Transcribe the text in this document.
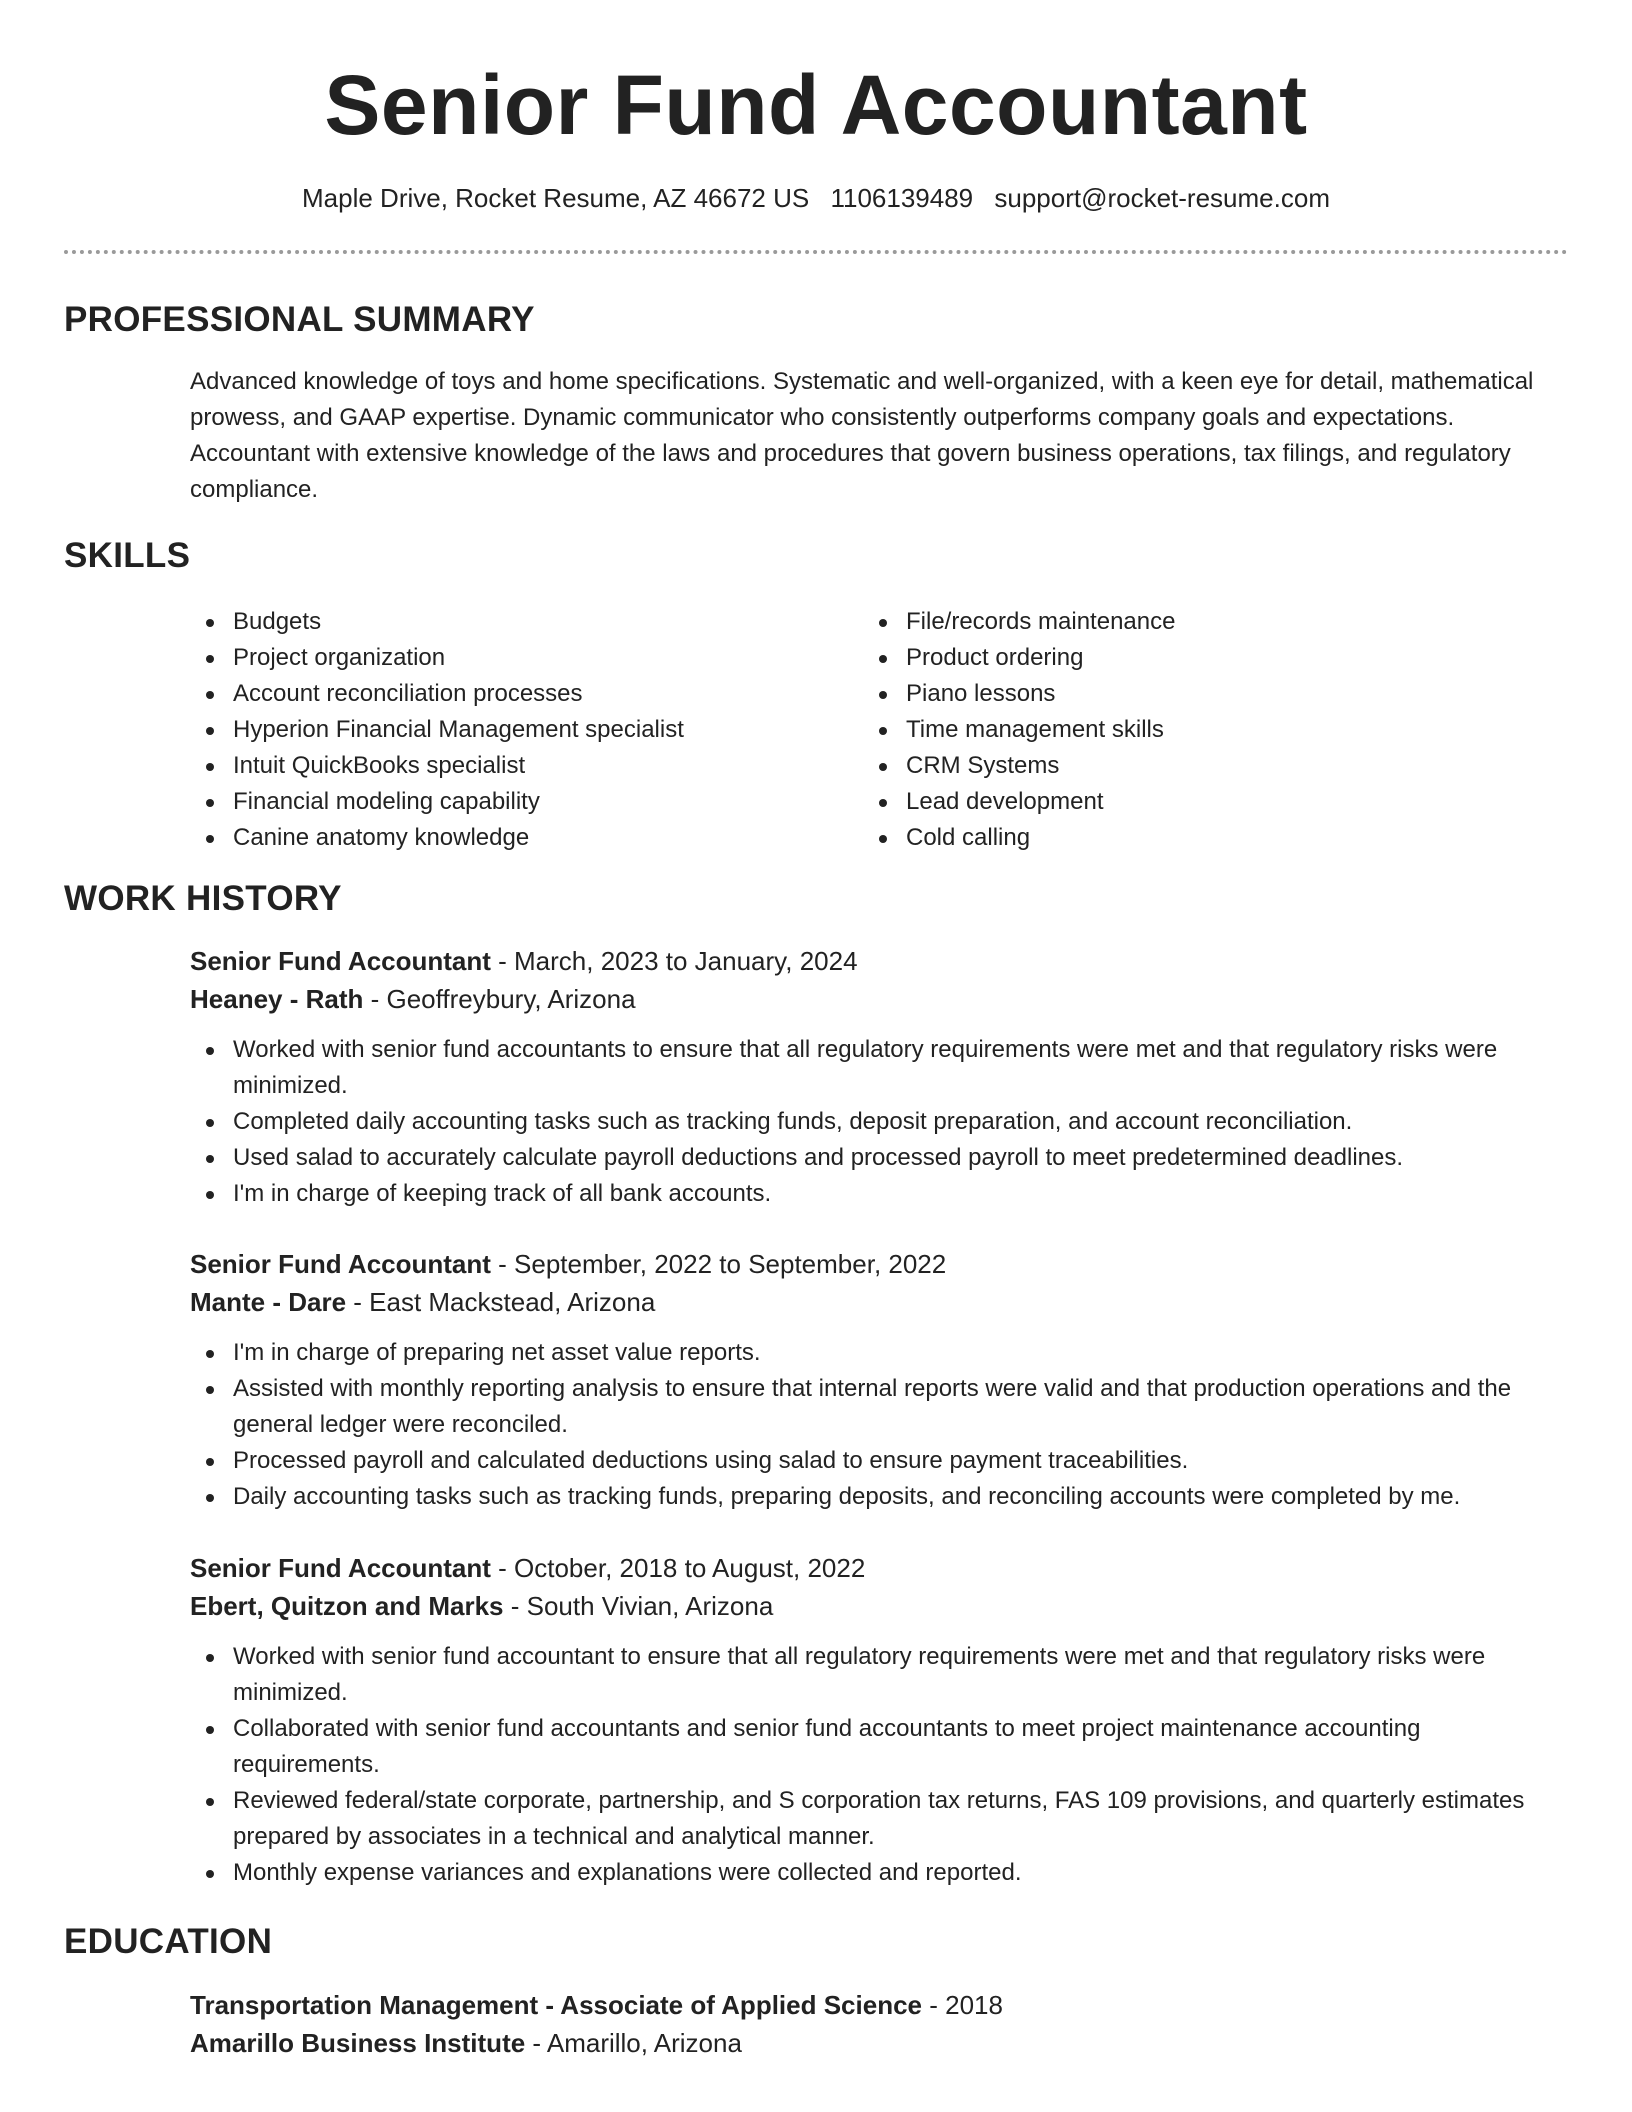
Senior Fund Accountant
Maple Drive, Rocket Resume, AZ 46672 US 1106139489 support@rocket-resume.com
PROFESSIONAL SUMMARY

Advanced knowledge of toys and home specifications. Systematic and well-organized, with a keen eye for detail, mathematical prowess, and GAAP expertise. Dynamic communicator who consistently outperforms company goals and expectations. Accountant with extensive knowledge of the laws and procedures that govern business operations, tax filings, and regulatory compliance.

SKILLS
Budgets
Project organization
Account reconciliation processes
Hyperion Financial Management specialist
Intuit QuickBooks specialist
Financial modeling capability
Canine anatomy knowledge
File/records maintenance
Product ordering
Piano lessons
Time management skills
CRM Systems
Lead development
Cold calling
WORK HISTORY
Senior Fund Accountant - March, 2023 to January, 2024
Heaney - Rath - Geoffreybury, Arizona
Worked with senior fund accountants to ensure that all regulatory requirements were met and that regulatory risks were minimized.
Completed daily accounting tasks such as tracking funds, deposit preparation, and account reconciliation.
Used salad to accurately calculate payroll deductions and processed payroll to meet predetermined deadlines.
I'm in charge of keeping track of all bank accounts.
Senior Fund Accountant - September, 2022 to September, 2022
Mante - Dare - East Mackstead, Arizona
I'm in charge of preparing net asset value reports.
Assisted with monthly reporting analysis to ensure that internal reports were valid and that production operations and the general ledger were reconciled.
Processed payroll and calculated deductions using salad to ensure payment traceabilities.
Daily accounting tasks such as tracking funds, preparing deposits, and reconciling accounts were completed by me.
Senior Fund Accountant - October, 2018 to August, 2022
Ebert, Quitzon and Marks - South Vivian, Arizona
Worked with senior fund accountant to ensure that all regulatory requirements were met and that regulatory risks were minimized.
Collaborated with senior fund accountants and senior fund accountants to meet project maintenance accounting requirements.
Reviewed federal/state corporate, partnership, and S corporation tax returns, FAS 109 provisions, and quarterly estimates prepared by associates in a technical and analytical manner.
Monthly expense variances and explanations were collected and reported.
EDUCATION
Transportation Management - Associate of Applied Science - 2018
Amarillo Business Institute - Amarillo, Arizona
